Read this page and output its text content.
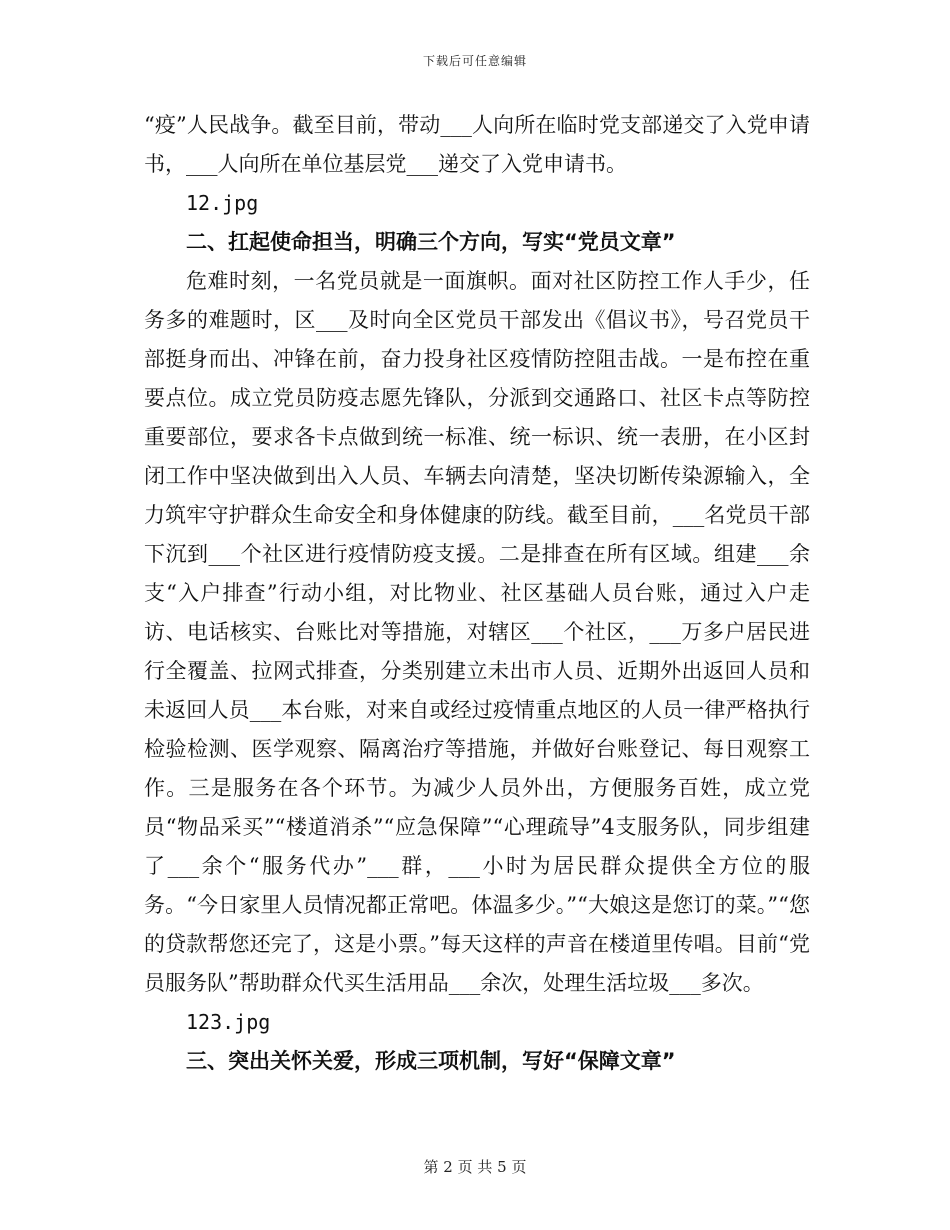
下载后可任意编辑

“疫”人民战争。截至目前，带动___人向所在临时党支部递交了入党申请书，___人向所在单位基层党___递交了入党申请书。

12.jpg

二、扛起使命担当，明确三个方向，写实“党员文章”

危难时刻，一名党员就是一面旗帜。面对社区防控工作人手少，任务多的难题时，区___及时向全区党员干部发出《倡议书》，号召党员干部挺身而出、冲锋在前，奋力投身社区疫情防控阻击战。一是布控在重要点位。成立党员防疫志愿先锋队，分派到交通路口、社区卡点等防控重要部位，要求各卡点做到统一标准、统一标识、统一表册，在小区封闭工作中坚决做到出入人员、车辆去向清楚，坚决切断传染源输入，全力筑牢守护群众生命安全和身体健康的防线。截至目前，___名党员干部下沉到___个社区进行疫情防疫支援。二是排查在所有区域。组建___余支“入户排查”行动小组，对比物业、社区基础人员台账，通过入户走访、电话核实、台账比对等措施，对辖区___个社区，___万多户居民进行全覆盖、拉网式排查，分类别建立未出市人员、近期外出返回人员和未返回人员___本台账，对来自或经过疫情重点地区的人员一律严格执行检验检测、医学观察、隔离治疗等措施，并做好台账登记、每日观察工作。三是服务在各个环节。为减少人员外出，方便服务百姓，成立党员“物品采买”“楼道消杀”“应急保障”“心理疏导”4支服务队，同步组建了___余个“服务代办”___群，___小时为居民群众提供全方位的服务。“今日家里人员情况都正常吧。体温多少。”“大娘这是您订的菜。”“您的贷款帮您还完了，这是小票。”每天这样的声音在楼道里传唱。目前“党员服务队”帮助群众代买生活用品___余次，处理生活垃圾___多次。

123.jpg

三、突出关怀关爱，形成三项机制，写好“保障文章”

第 2 页 共 5 页
